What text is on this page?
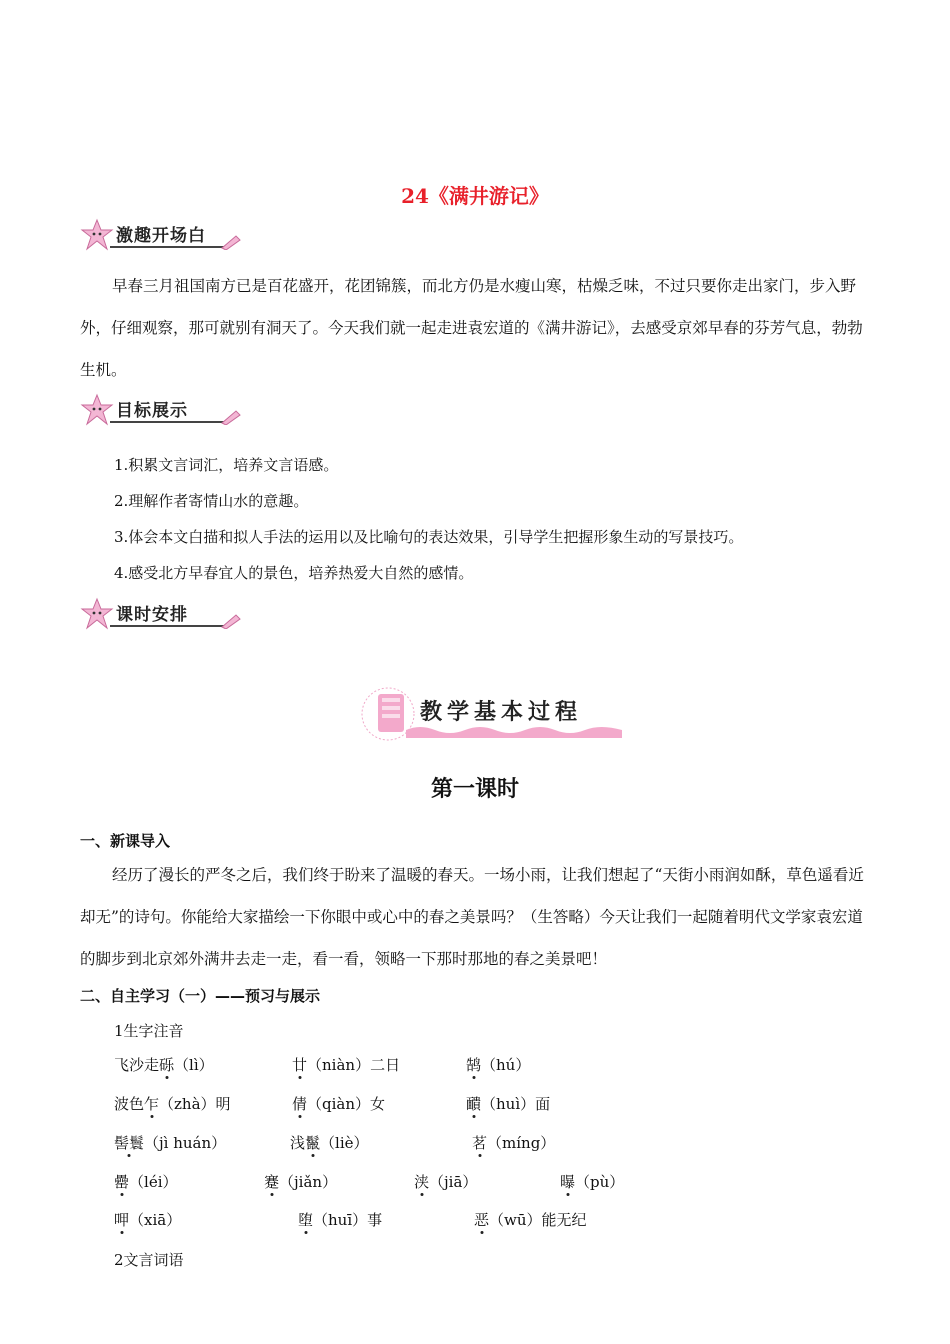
24《满井游记》
激趣开场白
早春三月祖国南方已是百花盛开，花团锦簇，而北方仍是水瘦山寒，枯燥乏味，不过只要你走出家门，步入野外，仔细观察，那可就别有洞天了。今天我们就一起走进袁宏道的《满井游记》，去感受京郊早春的芬芳气息，勃勃生机。
目标展示
1.积累文言词汇，培养文言语感。
2.理解作者寄情山水的意趣。
3.体会本文白描和拟人手法的运用以及比喻句的表达效果，引导学生把握形象生动的写景技巧。
4.感受北方早春宜人的景色，培养热爱大自然的感情。
课时安排
教学基本过程
第一课时
一、新课导入
经历了漫长的严冬之后，我们终于盼来了温暖的春天。一场小雨，让我们想起了“天街小雨润如酥，草色遥看近却无”的诗句。你能给大家描绘一下你眼中或心中的春之美景吗？（生答略）今天让我们一起随着明代文学家袁宏道的脚步到北京郊外满井去走一走，看一看，领略一下那时那地的春之美景吧！
二、自主学习（一）——预习与展示
1生字注音
飞沙走砾（lì）	廿（niàn）二日	鹄（hú）
波色乍（zhà）明	倩（qiàn）女	靧（huì）面
髻鬟（jì huán）	浅鬣（liè）	茗（míng）
罍（léi）	蹇（jiǎn）	浃（jiā）	曝（pù）
呷（xiā）	堕（huī）事	恶（wū）能无纪
2文言词语
